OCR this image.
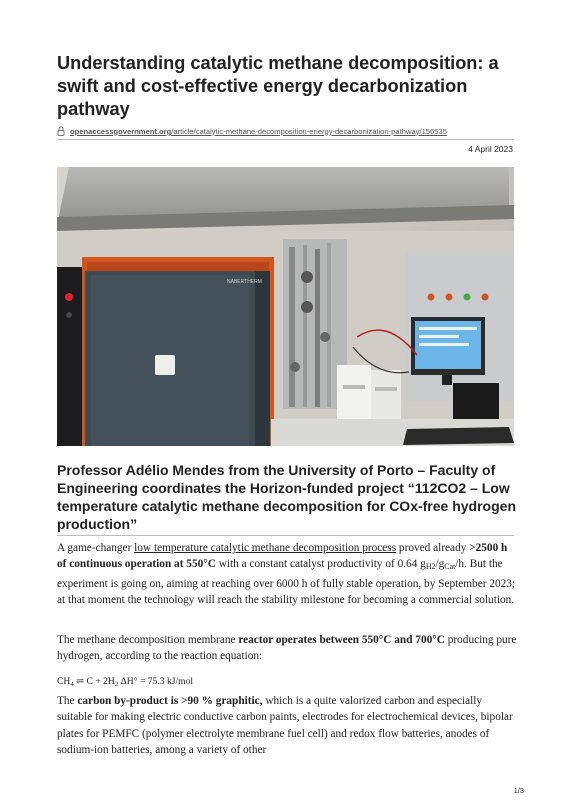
Understanding catalytic methane decomposition: a swift and cost-effective energy decarbonization pathway
openaccessgovernment.org/article/catalytic-methane-decomposition-energy-decarbonization-pathway/156535
4 April 2023
NABERTHERM
Professor Adélio Mendes from the University of Porto – Faculty of Engineering coordinates the Horizon-funded project “112CO2 – Low temperature catalytic methane decomposition for COx-free hydrogen production”

A game-changer low temperature catalytic methane decomposition process proved already >2500 h of continuous operation at 550°C with a constant catalyst productivity of 0.64 $g_{H2}/g_{Cat}/h$. But the experiment is going on, aiming at reaching over 6000 h of fully stable operation, by September 2023; at that moment the technology will reach the stability milestone for becoming a commercial solution.

The methane decomposition membrane reactor operates between 550°C and 700°C producing pure hydrogen, according to the reaction equation:

$CH_4$ ⇌ $C + 2H_2$ ΔH° = 75.3 kJ/mol

The carbon by-product is >90 % graphitic, which is a quite valorized carbon and especially suitable for making electric conductive carbon paints, electrodes for electrochemical devices, bipolar plates for PEMFC (polymer electrolyte membrane fuel cell) and redox flow batteries, anodes of sodium-ion batteries, among a variety of other

1/3
